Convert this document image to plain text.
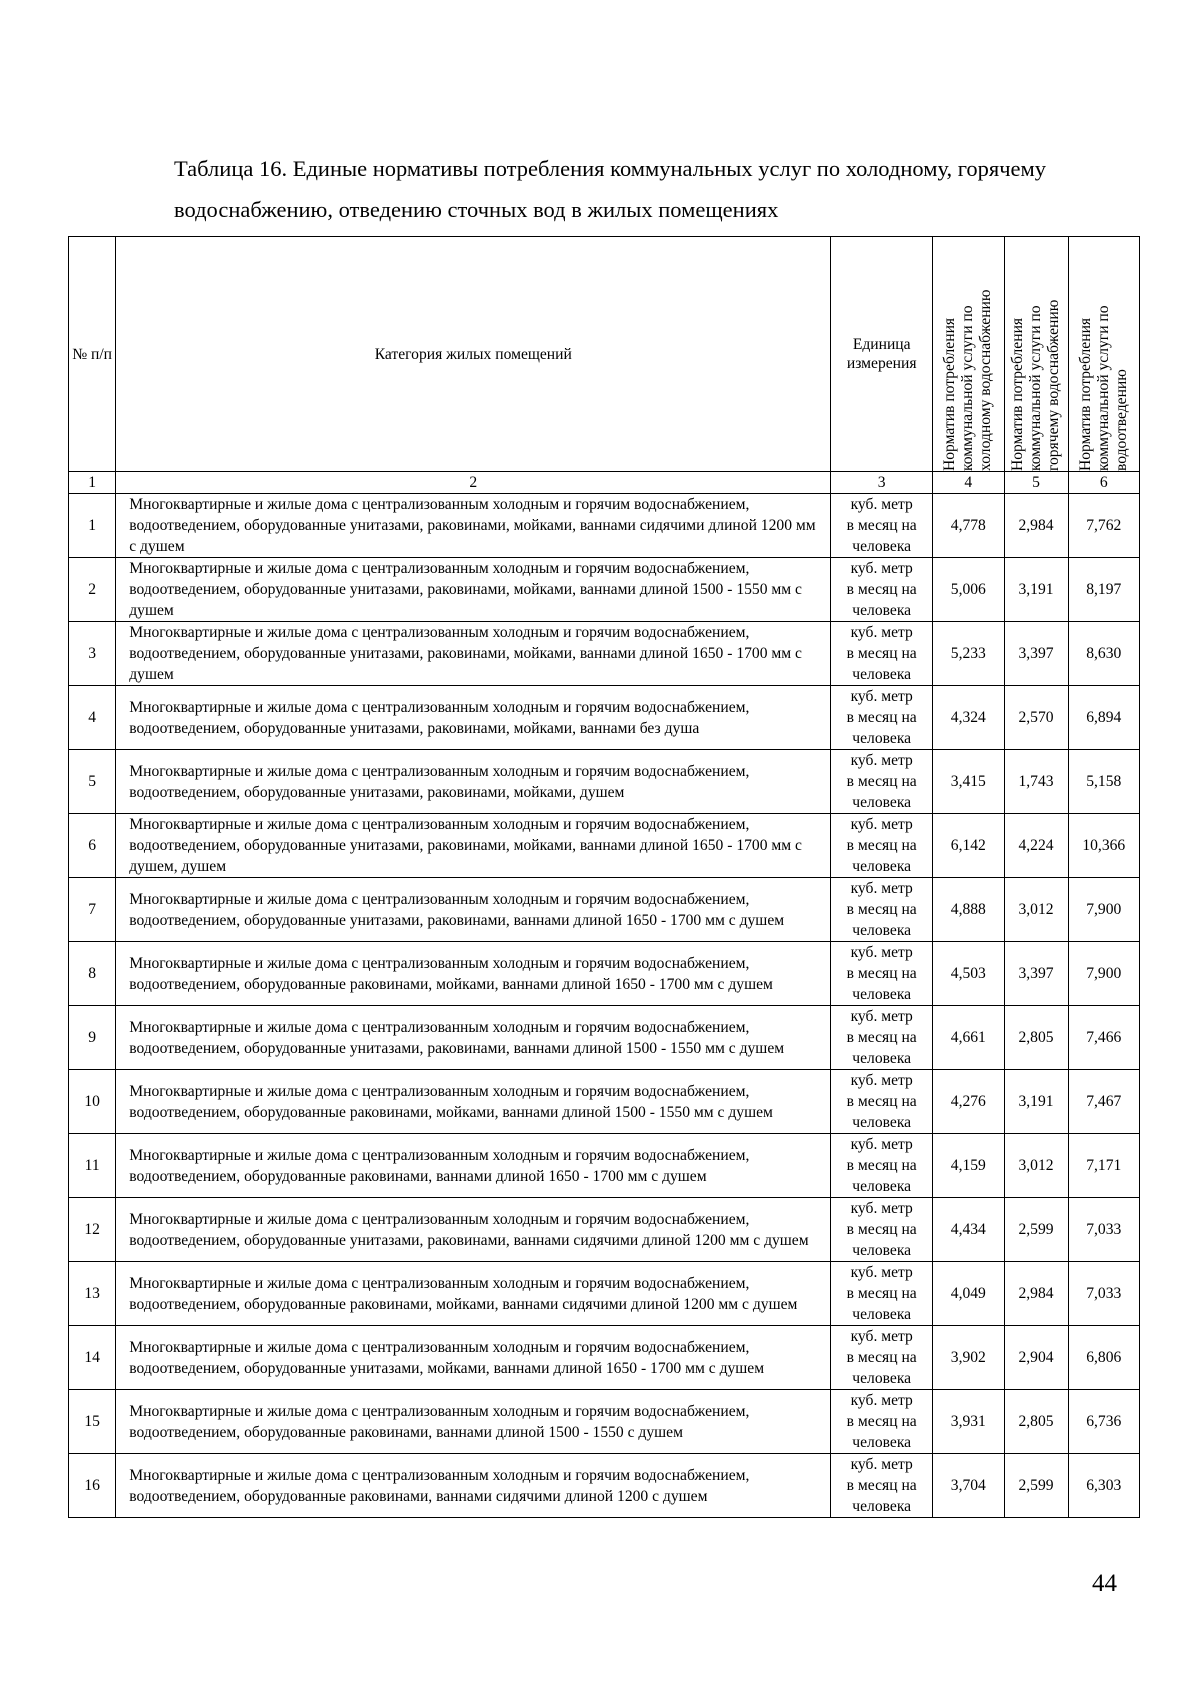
Таблица 16. Единые нормативы потребления коммунальных услуг по холодному, горячему
водоснабжению, отведению сточных вод в жилых помещениях
№ п/п	Категория жилых помещений	Единица измерения	Норматив потребления коммунальной услуги по холодному водоснабжению	Норматив потребления коммунальной услуги по горячему водоснабжению	Норматив потребления коммунальной услуги по водоотведению

1	2	3	4	5	6
1	Многоквартирные и жилые дома с централизованным холодным и горячим водоснабжением, водоотведением, оборудованные унитазами, раковинами, мойками, ваннами сидячими длиной 1200 мм с душем	куб. метр
в месяц на
человека	4,778	2,984	7,762
2	Многоквартирные и жилые дома с централизованным холодным и горячим водоснабжением, водоотведением, оборудованные унитазами, раковинами, мойками, ваннами длиной 1500 - 1550 мм с душем	куб. метр
в месяц на
человека	5,006	3,191	8,197
3	Многоквартирные и жилые дома с централизованным холодным и горячим водоснабжением, водоотведением, оборудованные унитазами, раковинами, мойками, ваннами длиной 1650 - 1700 мм с душем	куб. метр
в месяц на
человека	5,233	3,397	8,630
4	Многоквартирные и жилые дома с централизованным холодным и горячим водоснабжением, водоотведением, оборудованные унитазами, раковинами, мойками, ваннами без душа	куб. метр
в месяц на
человека	4,324	2,570	6,894
5	Многоквартирные и жилые дома с централизованным холодным и горячим водоснабжением, водоотведением, оборудованные унитазами, раковинами, мойками, душем	куб. метр
в месяц на
человека	3,415	1,743	5,158
6	Многоквартирные и жилые дома с централизованным холодным и горячим водоснабжением, водоотведением, оборудованные унитазами, раковинами, мойками, ваннами длиной 1650 - 1700 мм с душем, душем	куб. метр
в месяц на
человека	6,142	4,224	10,366
7	Многоквартирные и жилые дома с централизованным холодным и горячим водоснабжением, водоотведением, оборудованные унитазами, раковинами, ваннами длиной 1650 - 1700 мм с душем	куб. метр
в месяц на
человека	4,888	3,012	7,900
8	Многоквартирные и жилые дома с централизованным холодным и горячим водоснабжением, водоотведением, оборудованные раковинами, мойками, ваннами длиной 1650 - 1700 мм с душем	куб. метр
в месяц на
человека	4,503	3,397	7,900
9	Многоквартирные и жилые дома с централизованным холодным и горячим водоснабжением, водоотведением, оборудованные унитазами, раковинами, ваннами длиной 1500 - 1550 мм с душем	куб. метр
в месяц на
человека	4,661	2,805	7,466
10	Многоквартирные и жилые дома с централизованным холодным и горячим водоснабжением, водоотведением, оборудованные раковинами, мойками, ваннами длиной 1500 - 1550 мм с душем	куб. метр
в месяц на
человека	4,276	3,191	7,467
11	Многоквартирные и жилые дома с централизованным холодным и горячим водоснабжением, водоотведением, оборудованные раковинами, ваннами длиной 1650 - 1700 мм с душем	куб. метр
в месяц на
человека	4,159	3,012	7,171
12	Многоквартирные и жилые дома с централизованным холодным и горячим водоснабжением, водоотведением, оборудованные унитазами, раковинами, ваннами сидячими длиной 1200 мм с душем	куб. метр
в месяц на
человека	4,434	2,599	7,033
13	Многоквартирные и жилые дома с централизованным холодным и горячим водоснабжением, водоотведением, оборудованные раковинами, мойками, ваннами сидячими длиной 1200 мм с душем	куб. метр
в месяц на
человека	4,049	2,984	7,033
14	Многоквартирные и жилые дома с централизованным холодным и горячим водоснабжением, водоотведением, оборудованные унитазами, мойками, ваннами длиной 1650 - 1700 мм с душем	куб. метр
в месяц на
человека	3,902	2,904	6,806
15	Многоквартирные и жилые дома с централизованным холодным и горячим водоснабжением, водоотведением, оборудованные раковинами, ваннами длиной 1500 - 1550 с душем	куб. метр
в месяц на
человека	3,931	2,805	6,736
16	Многоквартирные и жилые дома с централизованным холодным и горячим водоснабжением, водоотведением, оборудованные раковинами, ваннами сидячими длиной 1200 с душем	куб. метр
в месяц на
человека	3,704	2,599	6,303
44
